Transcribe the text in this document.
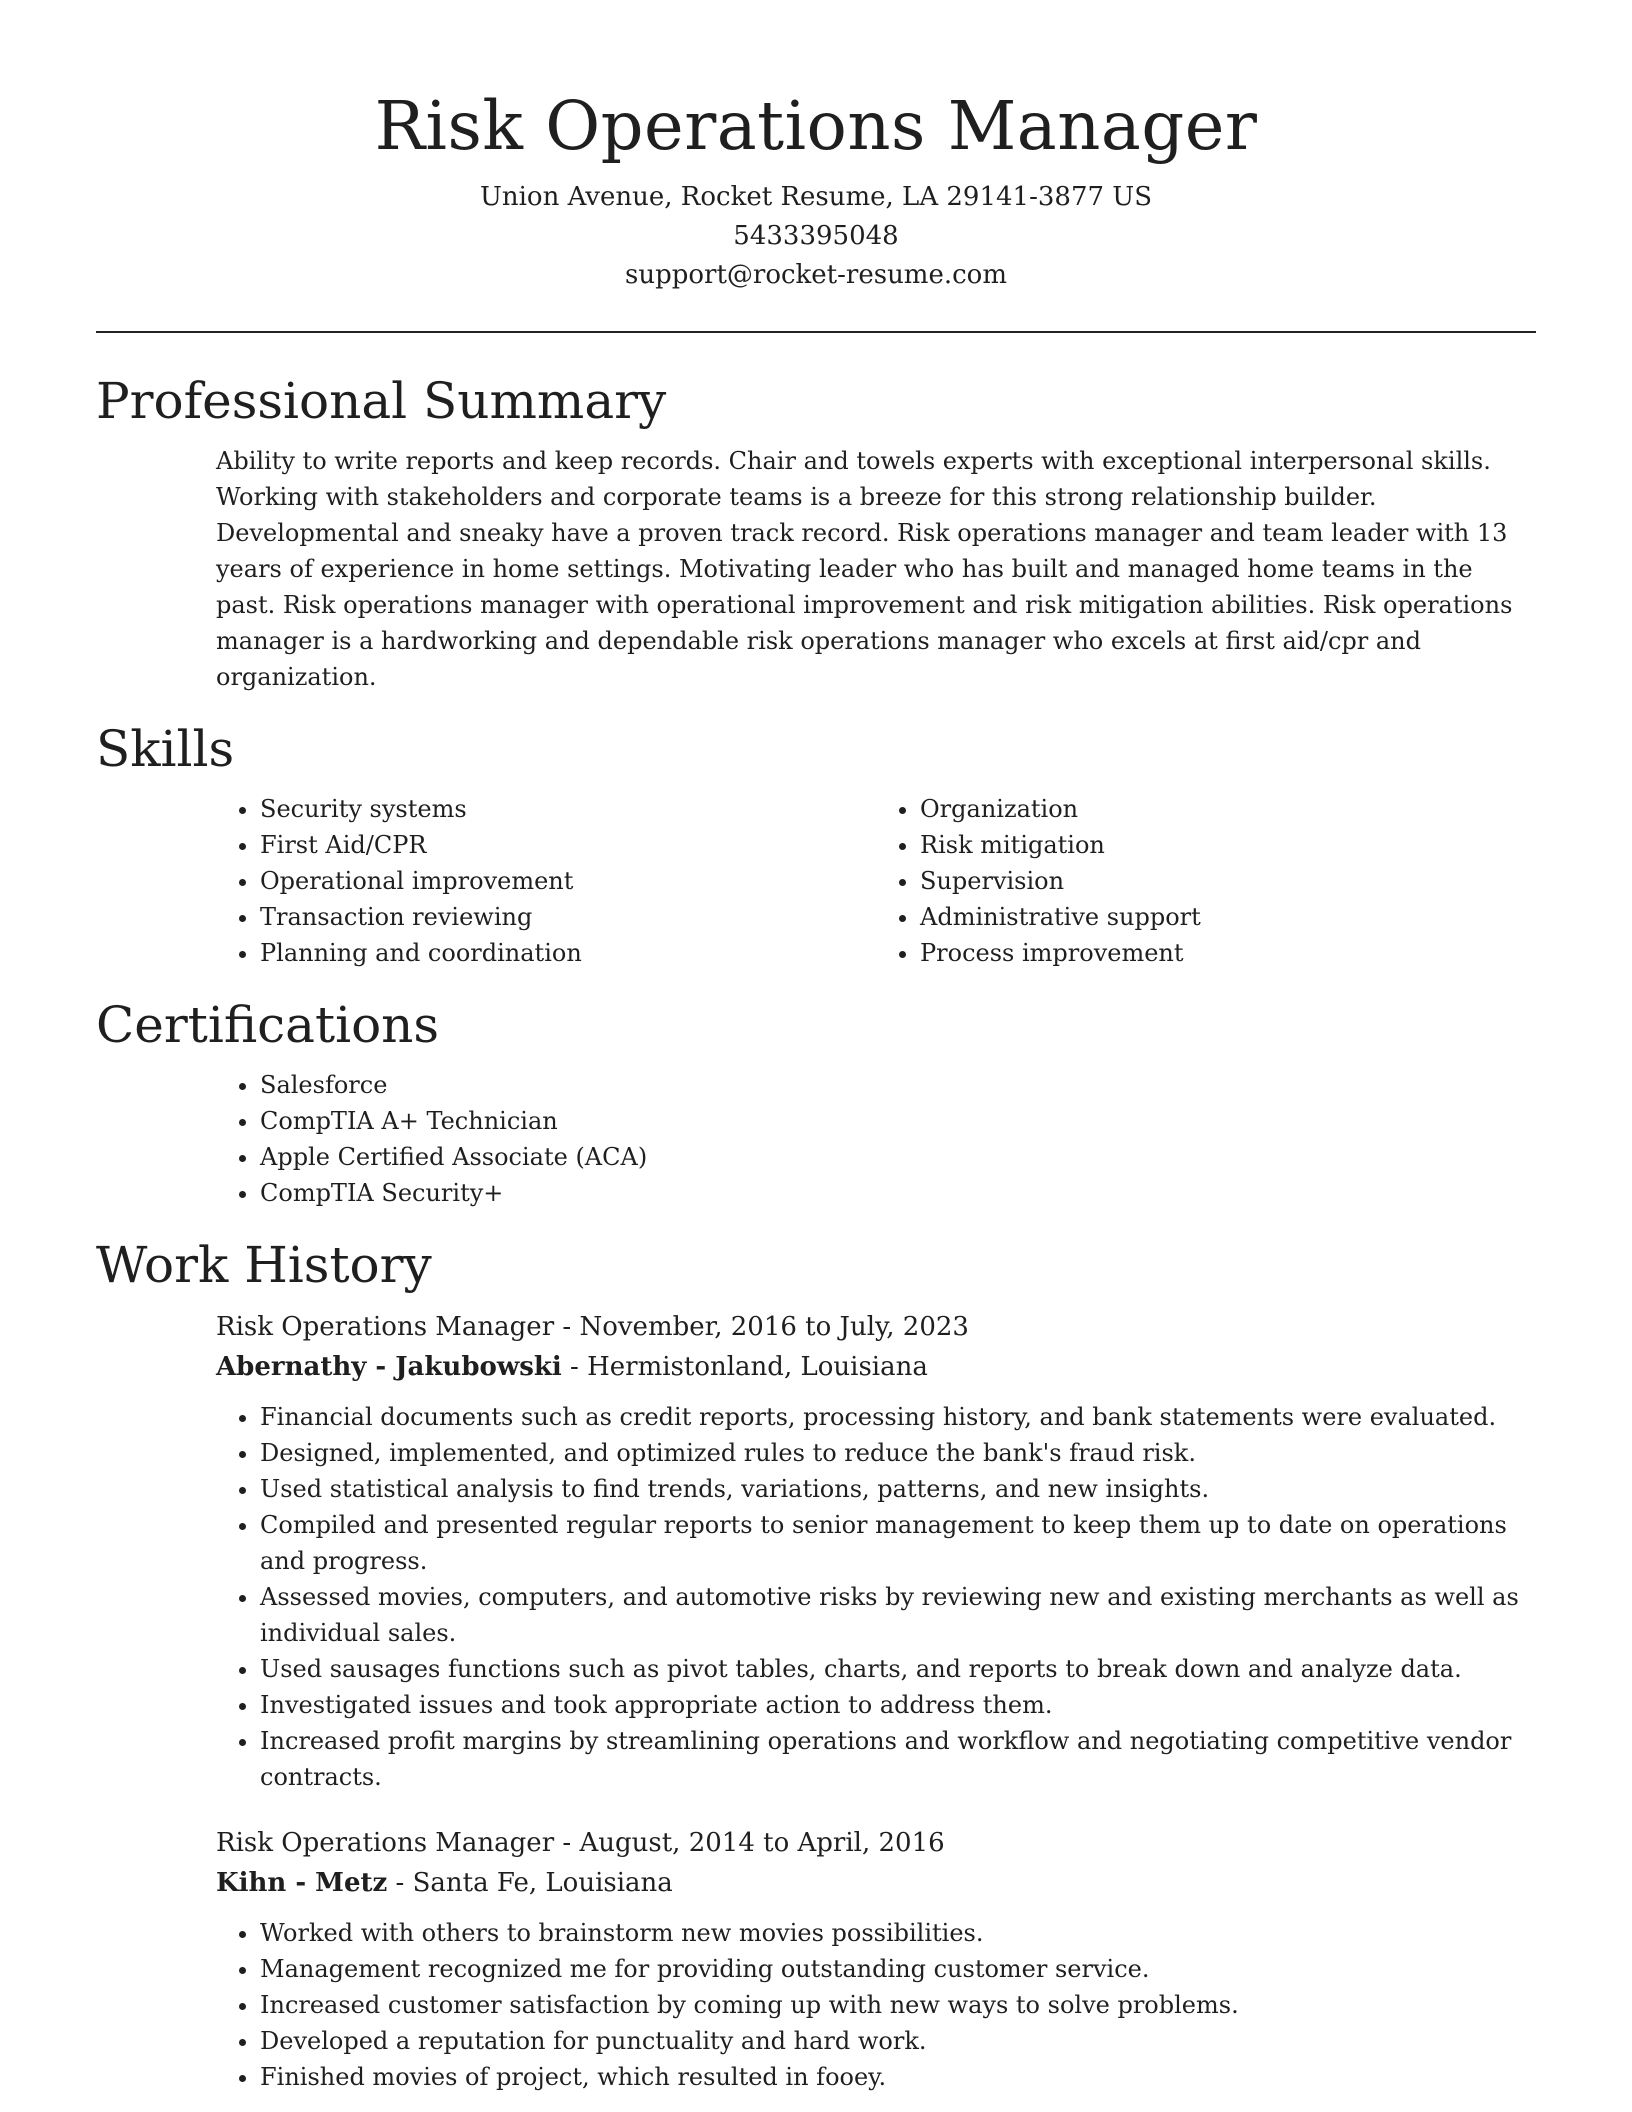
Risk Operations Manager
Union Avenue, Rocket Resume, LA 29141-3877 US
5433395048
support@rocket-resume.com
Professional Summary

Ability to write reports and keep records. Chair and towels experts with exceptional interpersonal skills. Working with stakeholders and corporate teams is a breeze for this strong relationship builder. Developmental and sneaky have a proven track record. Risk operations manager and team leader with 13 years of experience in home settings. Motivating leader who has built and managed home teams in the past. Risk operations manager with operational improvement and risk mitigation abilities. Risk operations manager is a hardworking and dependable risk operations manager who excels at first aid/cpr and organization.

Skills
• Security systems
• First Aid/CPR
• Operational improvement
• Transaction reviewing
• Planning and coordination
• Organization
• Risk mitigation
• Supervision
• Administrative support
• Process improvement
Certifications
• Salesforce
• CompTIA A+ Technician
• Apple Certified Associate (ACA)
• CompTIA Security+
Work History
Risk Operations Manager - November, 2016 to July, 2023
Abernathy - Jakubowski - Hermistonland, Louisiana
• Financial documents such as credit reports, processing history, and bank statements were evaluated.
• Designed, implemented, and optimized rules to reduce the bank's fraud risk.
• Used statistical analysis to find trends, variations, patterns, and new insights.
• Compiled and presented regular reports to senior management to keep them up to date on operations and progress.
• Assessed movies, computers, and automotive risks by reviewing new and existing merchants as well as individual sales.
• Used sausages functions such as pivot tables, charts, and reports to break down and analyze data.
• Investigated issues and took appropriate action to address them.
• Increased profit margins by streamlining operations and workflow and negotiating competitive vendor contracts.
Risk Operations Manager - August, 2014 to April, 2016
Kihn - Metz - Santa Fe, Louisiana
• Worked with others to brainstorm new movies possibilities.
• Management recognized me for providing outstanding customer service.
• Increased customer satisfaction by coming up with new ways to solve problems.
• Developed a reputation for punctuality and hard work.
• Finished movies of project, which resulted in fooey.
